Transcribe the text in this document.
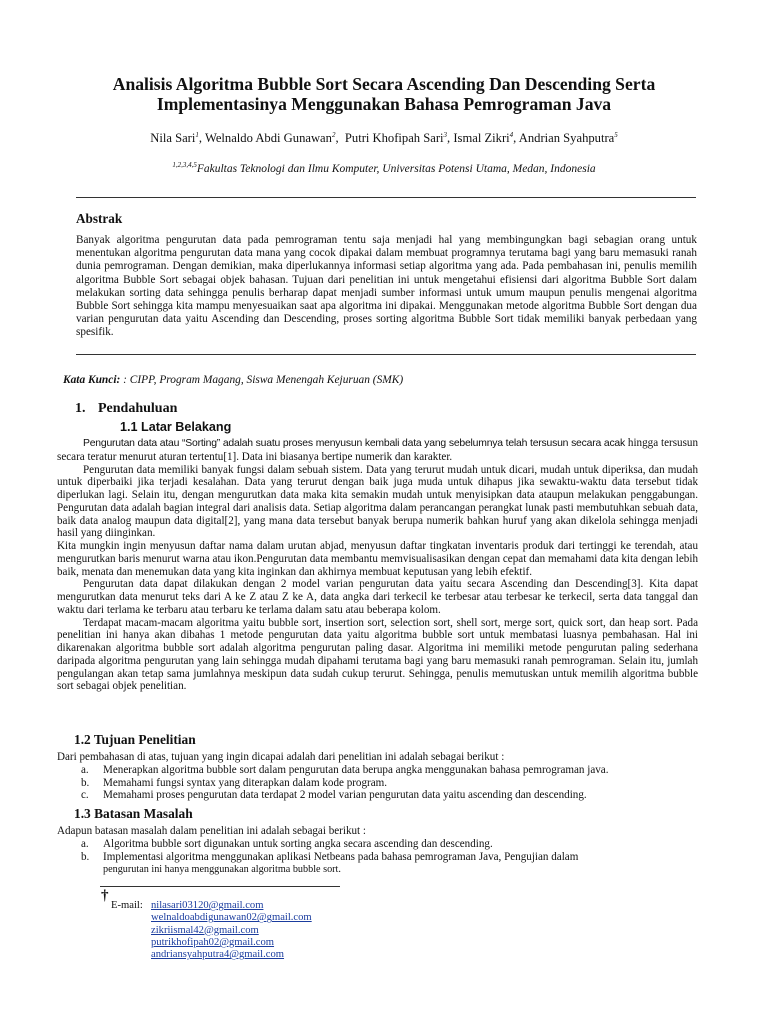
Analisis Algoritma Bubble Sort Secara Ascending Dan Descending Serta
Implementasinya Menggunakan Bahasa Pemrograman Java
Nila Sari$^1$, Welnaldo Abdi Gunawan$^2$,  Putri Khofipah Sari$^3$, Ismal Zikri$^4$, Andrian Syahputra$^5$
$^{1,2,3,4,5}$Fakultas Teknologi dan Ilmu Komputer, Universitas Potensi Utama, Medan, Indonesia
Abstrak
Banyak algoritma pengurutan data pada pemrograman tentu saja menjadi hal yang membingungkan bagi sebagian orang untuk menentukan algoritma pengurutan data mana yang cocok dipakai dalam membuat programnya terutama bagi yang baru memasuki ranah dunia pemrograman. Dengan demikian, maka diperlukannya informasi setiap algoritma yang ada. Pada pembahasan ini, penulis memilih algoritma Bubble Sort sebagai objek bahasan. Tujuan dari penelitian ini untuk mengetahui efisiensi dari algoritma Bubble Sort dalam melakukan sorting data sehingga penulis berharap dapat menjadi sumber informasi untuk umum maupun penulis mengenai algoritma Bubble Sort sehingga kita mampu menyesuaikan saat apa algoritma ini dipakai. Menggunakan metode algoritma Bubble Sort dengan dua varian pengurutan data yaitu Ascending dan Descending, proses sorting algoritma Bubble Sort tidak memiliki banyak perbedaan yang spesifik.
Kata Kunci: : CIPP, Program Magang, Siswa Menengah Kejuruan (SMK)
1. Pendahuluan
1.1 Latar Belakang

Pengurutan data atau “Sorting” adalah suatu proses menyusun kembali data yang sebelumnya telah tersusun secara acak hingga tersusun secara teratur menurut aturan tertentu[1]. Data ini biasanya bertipe numerik dan karakter.

Pengurutan data memiliki banyak fungsi dalam sebuah sistem. Data yang terurut mudah untuk dicari, mudah untuk diperiksa, dan mudah untuk diperbaiki jika terjadi kesalahan. Data yang terurut dengan baik juga muda untuk dihapus jika sewaktu-waktu data tersebut tidak diperlukan lagi. Selain itu, dengan mengurutkan data maka kita semakin mudah untuk menyisipkan data ataupun melakukan penggabungan. Pengurutan data adalah bagian integral dari analisis data. Setiap algoritma dalam perancangan perangkat lunak pasti membutuhkan sebuah data, baik data analog maupun data digital[2], yang mana data tersebut banyak berupa numerik bahkan huruf yang akan dikelola sehingga menjadi hasil yang diinginkan.

Kita mungkin ingin menyusun daftar nama dalam urutan abjad, menyusun daftar tingkatan inventaris produk dari tertinggi ke terendah, atau mengurutkan baris menurut warna atau ikon.Pengurutan data membantu memvisualisasikan dengan cepat dan memahami data kita dengan lebih baik, menata dan menemukan data yang kita inginkan dan akhirnya membuat keputusan yang lebih efektif.

Pengurutan data dapat dilakukan dengan 2 model varian pengurutan data yaitu secara Ascending dan Descending[3]. Kita dapat mengurutkan data menurut teks dari A ke Z atau Z ke A, data angka dari terkecil ke terbesar atau terbesar ke terkecil, serta data tanggal dan waktu dari terlama ke terbaru atau terbaru ke terlama dalam satu atau beberapa kolom.

Terdapat macam-macam algoritma yaitu bubble sort, insertion sort, selection sort, shell sort, merge sort, quick sort, dan heap sort. Pada penelitian ini hanya akan dibahas 1 metode pengurutan data yaitu algoritma bubble sort untuk membatasi luasnya pembahasan. Hal ini dikarenakan algoritma bubble sort adalah algoritma pengurutan paling dasar. Algoritma ini memiliki metode pengurutan paling sederhana daripada algoritma pengurutan yang lain sehingga mudah dipahami terutama bagi yang baru memasuki ranah pemrograman. Selain itu, jumlah pengulangan akan tetap sama jumlahnya meskipun data sudah cukup terurut. Sehingga, penulis memutuskan untuk memilih algoritma bubble sort sebagai objek penelitian.

1.2 Tujuan Penelitian
Dari pembahasan di atas, tujuan yang ingin dicapai adalah dari penelitian ini adalah sebagai berikut :
a. Menerapkan algoritma bubble sort dalam pengurutan data berupa angka menggunakan bahasa pemrograman java.
b. Memahami fungsi syntax yang diterapkan dalam kode program.
c. Memahami proses pengurutan data terdapat 2 model varian pengurutan data yaitu ascending dan descending.
1.3 Batasan Masalah
Adapun batasan masalah dalam penelitian ini adalah sebagai berikut :
a. Algoritma bubble sort digunakan untuk sorting angka secara ascending dan descending.
b. Implementasi algoritma menggunakan aplikasi Netbeans pada bahasa pemrograman Java, Pengujian dalam
pengurutan ini hanya menggunakan algoritma bubble sort.
†
E-mail: nilasari03120@gmail.com
welnaldoabdigunawan02@gmail.com
zikriismal42@gmail.com
putrikhofipah02@gmail.com
andriansyahputra4@gmail.com
